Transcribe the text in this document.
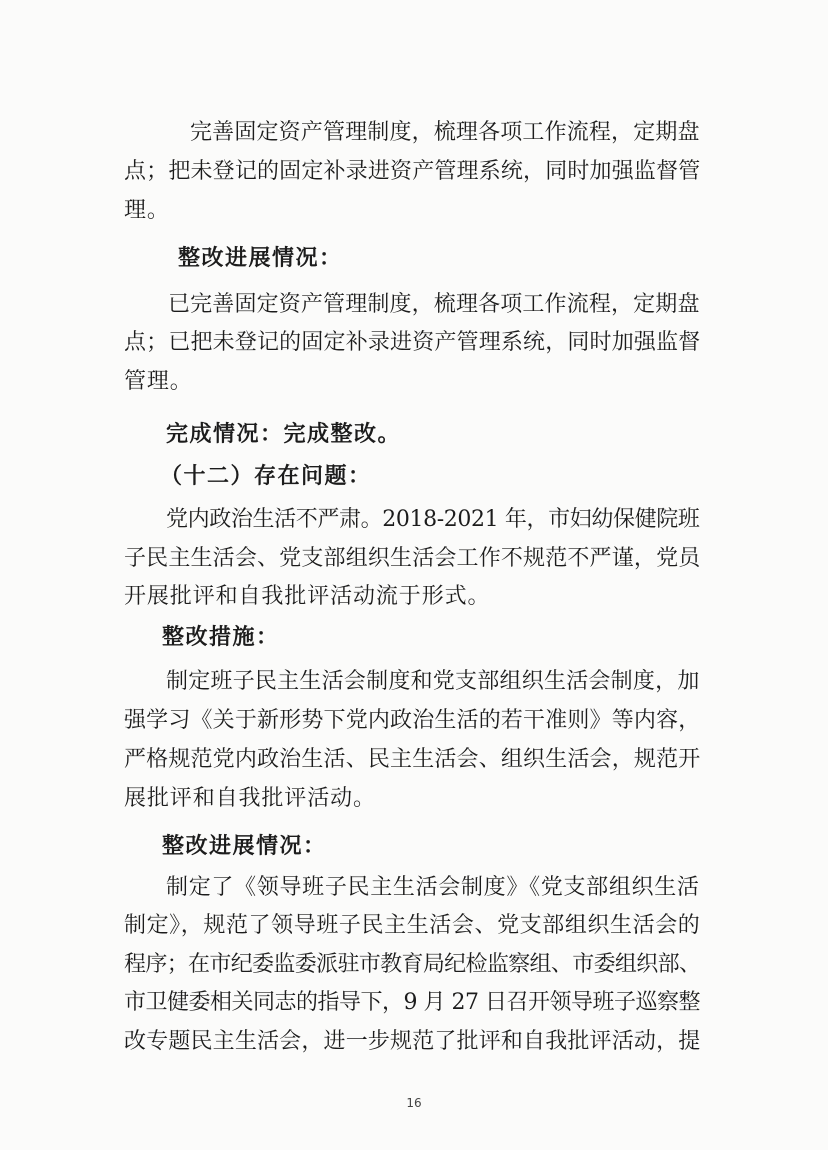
完善固定资产管理制度，梳理各项工作流程，定期盘
点；把未登记的固定补录进资产管理系统，同时加强监督管
理。
整改进展情况：
已完善固定资产管理制度，梳理各项工作流程，定期盘
点；已把未登记的固定补录进资产管理系统，同时加强监督
管理。
完成情况：完成整改。
（十二）存在问题：
党内政治生活不严肃。2018-2021 年，市妇幼保健院班
子民主生活会、党支部组织生活会工作不规范不严谨，党员
开展批评和自我批评活动流于形式。
整改措施：
制定班子民主生活会制度和党支部组织生活会制度，加
强学习《关于新形势下党内政治生活的若干准则》等内容，
严格规范党内政治生活、民主生活会、组织生活会，规范开
展批评和自我批评活动。
整改进展情况：
制定了《领导班子民主生活会制度》《党支部组织生活
制定》，规范了领导班子民主生活会、党支部组织生活会的
程序；在市纪委监委派驻市教育局纪检监察组、市委组织部、
市卫健委相关同志的指导下，9 月 27 日召开领导班子巡察整
改专题民主生活会，进一步规范了批评和自我批评活动，提
16
